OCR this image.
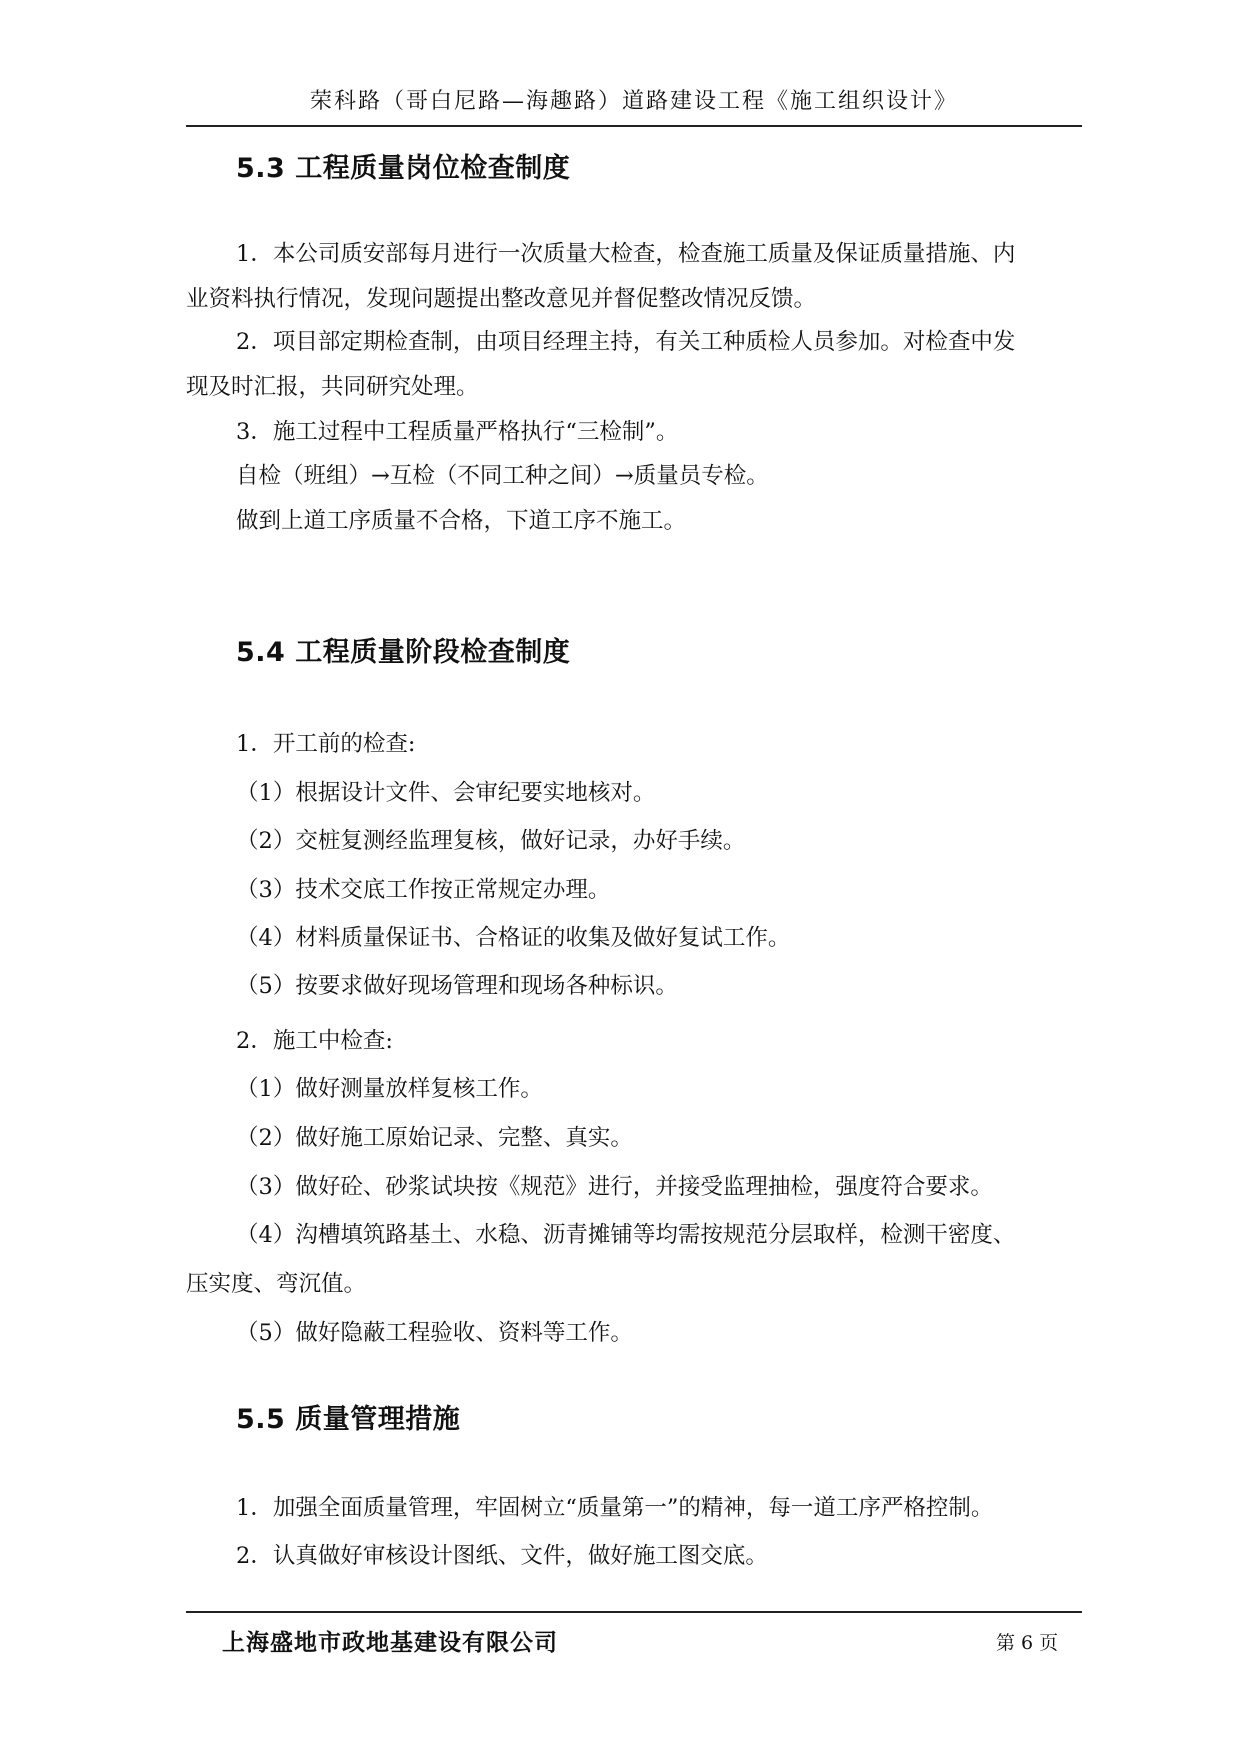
荣科路（哥白尼路—海趣路）道路建设工程《施工组织设计》
5.3 工程质量岗位检查制度
1．本公司质安部每月进行一次质量大检查，检查施工质量及保证质量措施、内
业资料执行情况，发现问题提出整改意见并督促整改情况反馈。
2．项目部定期检查制，由项目经理主持，有关工种质检人员参加。对检查中发
现及时汇报，共同研究处理。
3．施工过程中工程质量严格执行“三检制”。
自检（班组）→互检（不同工种之间）→质量员专检。
做到上道工序质量不合格，下道工序不施工。
5.4 工程质量阶段检查制度
1．开工前的检查:
（1）根据设计文件、会审纪要实地核对。
（2）交桩复测经监理复核，做好记录，办好手续。
（3）技术交底工作按正常规定办理。
（4）材料质量保证书、合格证的收集及做好复试工作。
（5）按要求做好现场管理和现场各种标识。
2．施工中检查:
（1）做好测量放样复核工作。
（2）做好施工原始记录、完整、真实。
（3）做好砼、砂浆试块按《规范》进行，并接受监理抽检，强度符合要求。
（4）沟槽填筑路基土、水稳、沥青摊铺等均需按规范分层取样，检测干密度、
压实度、弯沉值。
（5）做好隐蔽工程验收、资料等工作。
5.5 质量管理措施
1．加强全面质量管理，牢固树立“质量第一”的精神，每一道工序严格控制。
2．认真做好审核设计图纸、文件，做好施工图交底。
上海盛地市政地基建设有限公司	第 6 页
